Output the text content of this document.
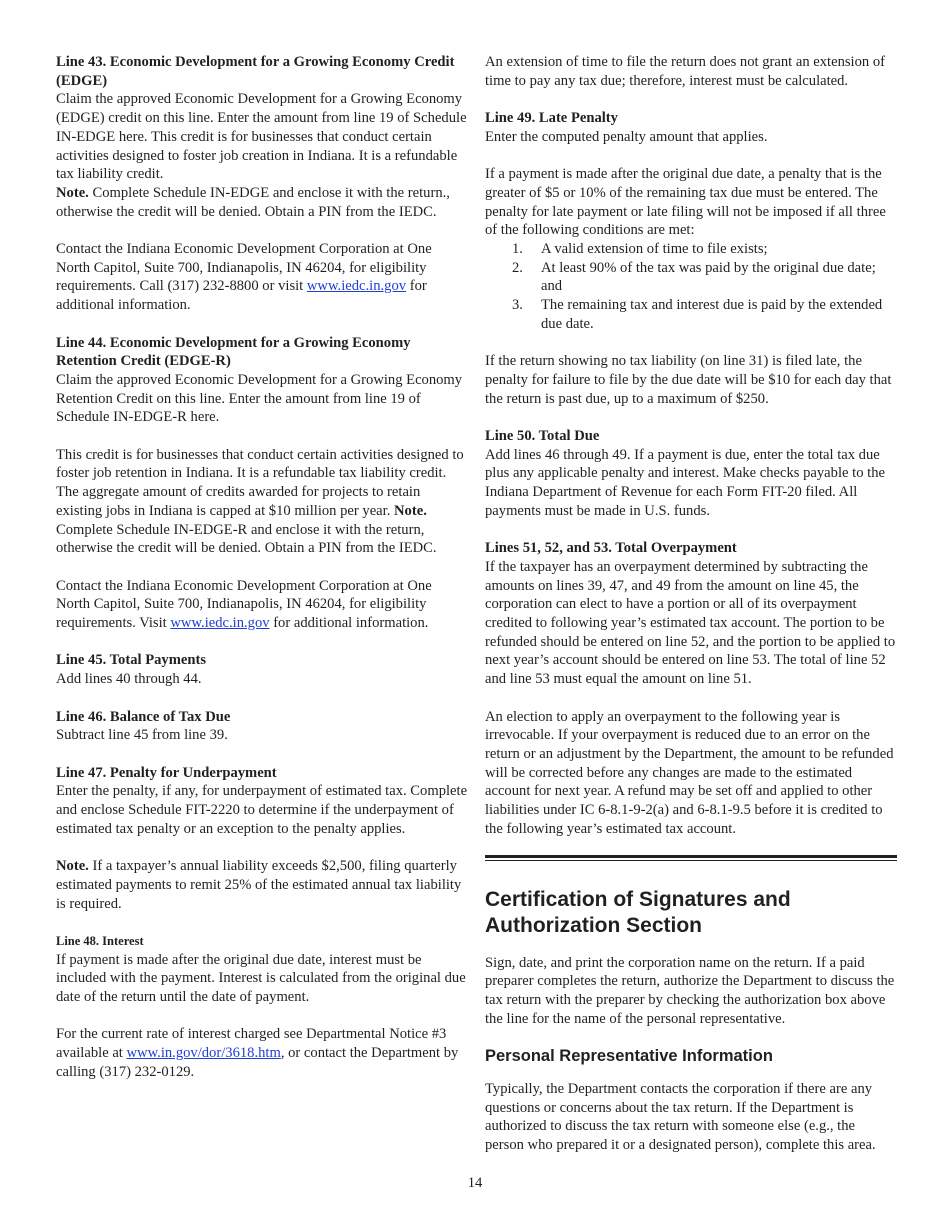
Line 43. Economic Development for a Growing Economy Credit (EDGE)

Claim the approved Economic Development for a Growing Economy (EDGE) credit on this line. Enter the amount from line 19 of Schedule IN-EDGE here. This credit is for businesses that conduct certain activities designed to foster job creation in Indiana. It is a refundable tax liability credit.

Note. Complete Schedule IN-EDGE and enclose it with the return., otherwise the credit will be denied. Obtain a PIN from the IEDC.

Contact the Indiana Economic Development Corporation at One North Capitol, Suite 700, Indianapolis, IN 46204, for eligibility requirements. Call (317) 232-8800 or visit www.iedc.in.gov for additional information.

Line 44. Economic Development for a Growing Economy Retention Credit (EDGE-R)

Claim the approved Economic Development for a Growing Economy Retention Credit on this line. Enter the amount from line 19 of Schedule IN-EDGE-R here.

This credit is for businesses that conduct certain activities designed to foster job retention in Indiana. It is a refundable tax liability credit. The aggregate amount of credits awarded for projects to retain existing jobs in Indiana is capped at $10 million per year. Note. Complete Schedule IN-EDGE-R and enclose it with the return, otherwise the credit will be denied. Obtain a PIN from the IEDC.

Contact the Indiana Economic Development Corporation at One North Capitol, Suite 700, Indianapolis, IN 46204, for eligibility requirements. Visit www.iedc.in.gov for additional information.

Line 45. Total Payments

Add lines 40 through 44.

Line 46. Balance of Tax Due

Subtract line 45 from line 39.

Line 47. Penalty for Underpayment

Enter the penalty, if any, for underpayment of estimated tax. Complete and enclose Schedule FIT-2220 to determine if the underpayment of estimated tax penalty or an exception to the penalty applies.

Note. If a taxpayer’s annual liability exceeds $2,500, filing quarterly estimated payments to remit 25% of the estimated annual tax liability is required.

Line 48. Interest

If payment is made after the original due date, interest must be included with the payment. Interest is calculated from the original due date of the return until the date of payment.

For the current rate of interest charged see Departmental Notice #3 available at www.in.gov/dor/3618.htm, or contact the Department by calling (317) 232-0129.

An extension of time to file the return does not grant an extension of time to pay any tax due; therefore, interest must be calculated.

Line 49. Late Penalty

Enter the computed penalty amount that applies.

If a payment is made after the original due date, a penalty that is the greater of $5 or 10% of the remaining tax due must be entered. The penalty for late payment or late filing will not be imposed if all three of the following conditions are met:

1. A valid extension of time to file exists;
2. At least 90% of the tax was paid by the original due date; and
3. The remaining tax and interest due is paid by the extended due date.

If the return showing no tax liability (on line 31) is filed late, the penalty for failure to file by the due date will be $10 for each day that the return is past due, up to a maximum of $250.

Line 50. Total Due

Add lines 46 through 49. If a payment is due, enter the total tax due plus any applicable penalty and interest. Make checks payable to the Indiana Department of Revenue for each Form FIT-20 filed. All payments must be made in U.S. funds.

Lines 51, 52, and 53. Total Overpayment

If the taxpayer has an overpayment determined by subtracting the amounts on lines 39, 47, and 49 from the amount on line 45, the corporation can elect to have a portion or all of its overpayment credited to following year’s estimated tax account. The portion to be refunded should be entered on line 52, and the portion to be applied to next year’s account should be entered on line 53. The total of line 52 and line 53 must equal the amount on line 51.

An election to apply an overpayment to the following year is irrevocable. If your overpayment is reduced due to an error on the return or an adjustment by the Department, the amount to be refunded will be corrected before any changes are made to the estimated account for next year. A refund may be set off and applied to other liabilities under IC 6-8.1-9-2(a) and 6-8.1-9.5 before it is credited to the following year’s estimated tax account.

Certification of Signatures and Authorization Section

Sign, date, and print the corporation name on the return. If a paid preparer completes the return, authorize the Department to discuss the tax return with the preparer by checking the authorization box above the line for the name of the personal representative.

Personal Representative Information

Typically, the Department contacts the corporation if there are any questions or concerns about the tax return. If the Department is authorized to discuss the tax return with someone else (e.g., the person who prepared it or a designated person), complete this area.

14
